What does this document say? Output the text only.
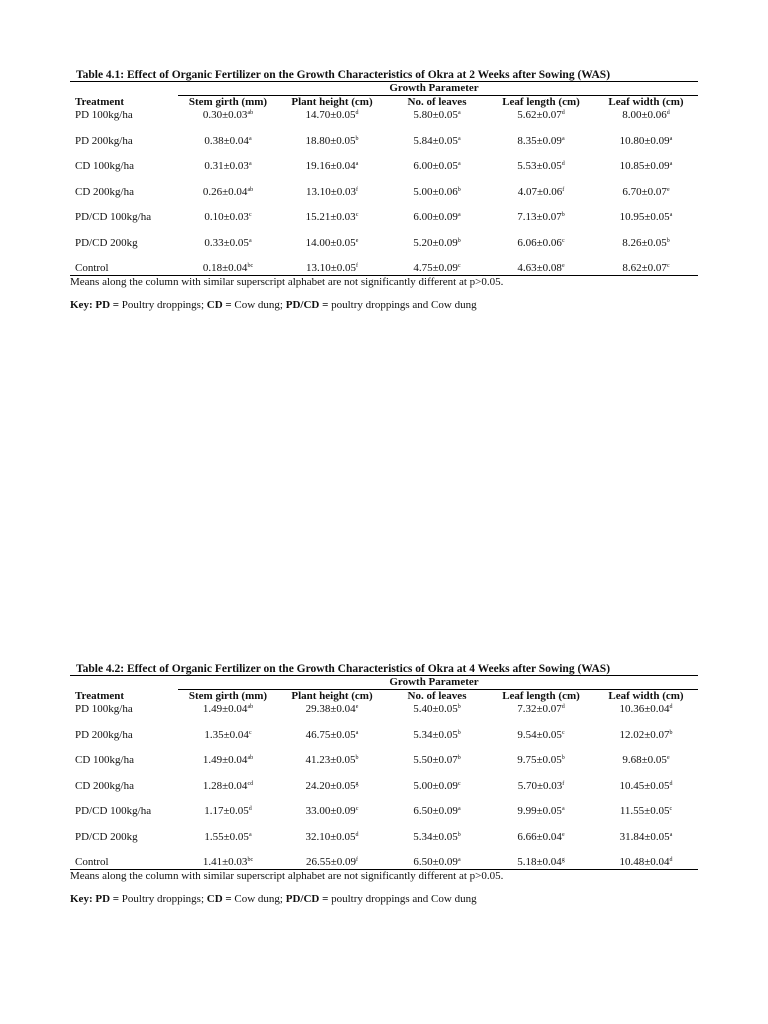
Table 4.1: Effect of Organic Fertilizer on the Growth Characteristics of Okra at 2 Weeks after Sowing (WAS)
Growth Parameter
Treatment	Stem girth (mm)	Plant height (cm)	No. of leaves	Leaf length (cm)	Leaf width (cm)
PD 100kg/ha	0.30±0.03$^{ab}$	14.70±0.05$^d$	5.80±0.05$^a$	5.62±0.07$^d$	8.00±0.06$^d$
PD 200kg/ha	0.38±0.04$^a$	18.80±0.05$^b$	5.84±0.05$^a$	8.35±0.09$^a$	10.80±0.09$^a$
CD 100kg/ha	0.31±0.03$^a$	19.16±0.04$^a$	6.00±0.05$^a$	5.53±0.05$^d$	10.85±0.09$^a$
CD 200kg/ha	0.26±0.04$^{ab}$	13.10±0.03$^f$	5.00±0.06$^b$	4.07±0.06$^f$	6.70±0.07$^e$
PD/CD 100kg/ha	0.10±0.03$^c$	15.21±0.03$^c$	6.00±0.09$^a$	7.13±0.07$^b$	10.95±0.05$^a$
PD/CD 200kg	0.33±0.05$^a$	14.00±0.05$^e$	5.20±0.09$^b$	6.06±0.06$^c$	8.26±0.05$^b$
Control	0.18±0.04$^{bc}$	13.10±0.05$^f$	4.75±0.09$^c$	4.63±0.08$^e$	8.62±0.07$^c$
Means along the column with similar superscript alphabet are not significantly different at p>0.05.
Key: PD = Poultry droppings; CD = Cow dung; PD/CD = poultry droppings and Cow dung
Table 4.2: Effect of Organic Fertilizer on the Growth Characteristics of Okra at 4 Weeks after Sowing (WAS)
Growth Parameter
Treatment	Stem girth (mm)	Plant height (cm)	No. of leaves	Leaf length (cm)	Leaf width (cm)
PD 100kg/ha	1.49±0.04$^{ab}$	29.38±0.04$^e$	5.40±0.05$^b$	7.32±0.07$^d$	10.36±0.04$^d$
PD 200kg/ha	1.35±0.04$^c$	46.75±0.05$^a$	5.34±0.05$^b$	9.54±0.05$^c$	12.02±0.07$^b$
CD 100kg/ha	1.49±0.04$^{ab}$	41.23±0.05$^b$	5.50±0.07$^b$	9.75±0.05$^b$	9.68±0.05$^e$
CD 200kg/ha	1.28±0.04$^{cd}$	24.20±0.05$^g$	5.00±0.09$^c$	5.70±0.03$^f$	10.45±0.05$^d$
PD/CD 100kg/ha	1.17±0.05$^d$	33.00±0.09$^c$	6.50±0.09$^a$	9.99±0.05$^a$	11.55±0.05$^c$
PD/CD 200kg	1.55±0.05$^a$	32.10±0.05$^d$	5.34±0.05$^b$	6.66±0.04$^e$	31.84±0.05$^a$
Control	1.41±0.03$^{bc}$	26.55±0.09$^f$	6.50±0.09$^a$	5.18±0.04$^g$	10.48±0.04$^d$
Means along the column with similar superscript alphabet are not significantly different at p>0.05.
Key: PD = Poultry droppings; CD = Cow dung; PD/CD = poultry droppings and Cow dung
